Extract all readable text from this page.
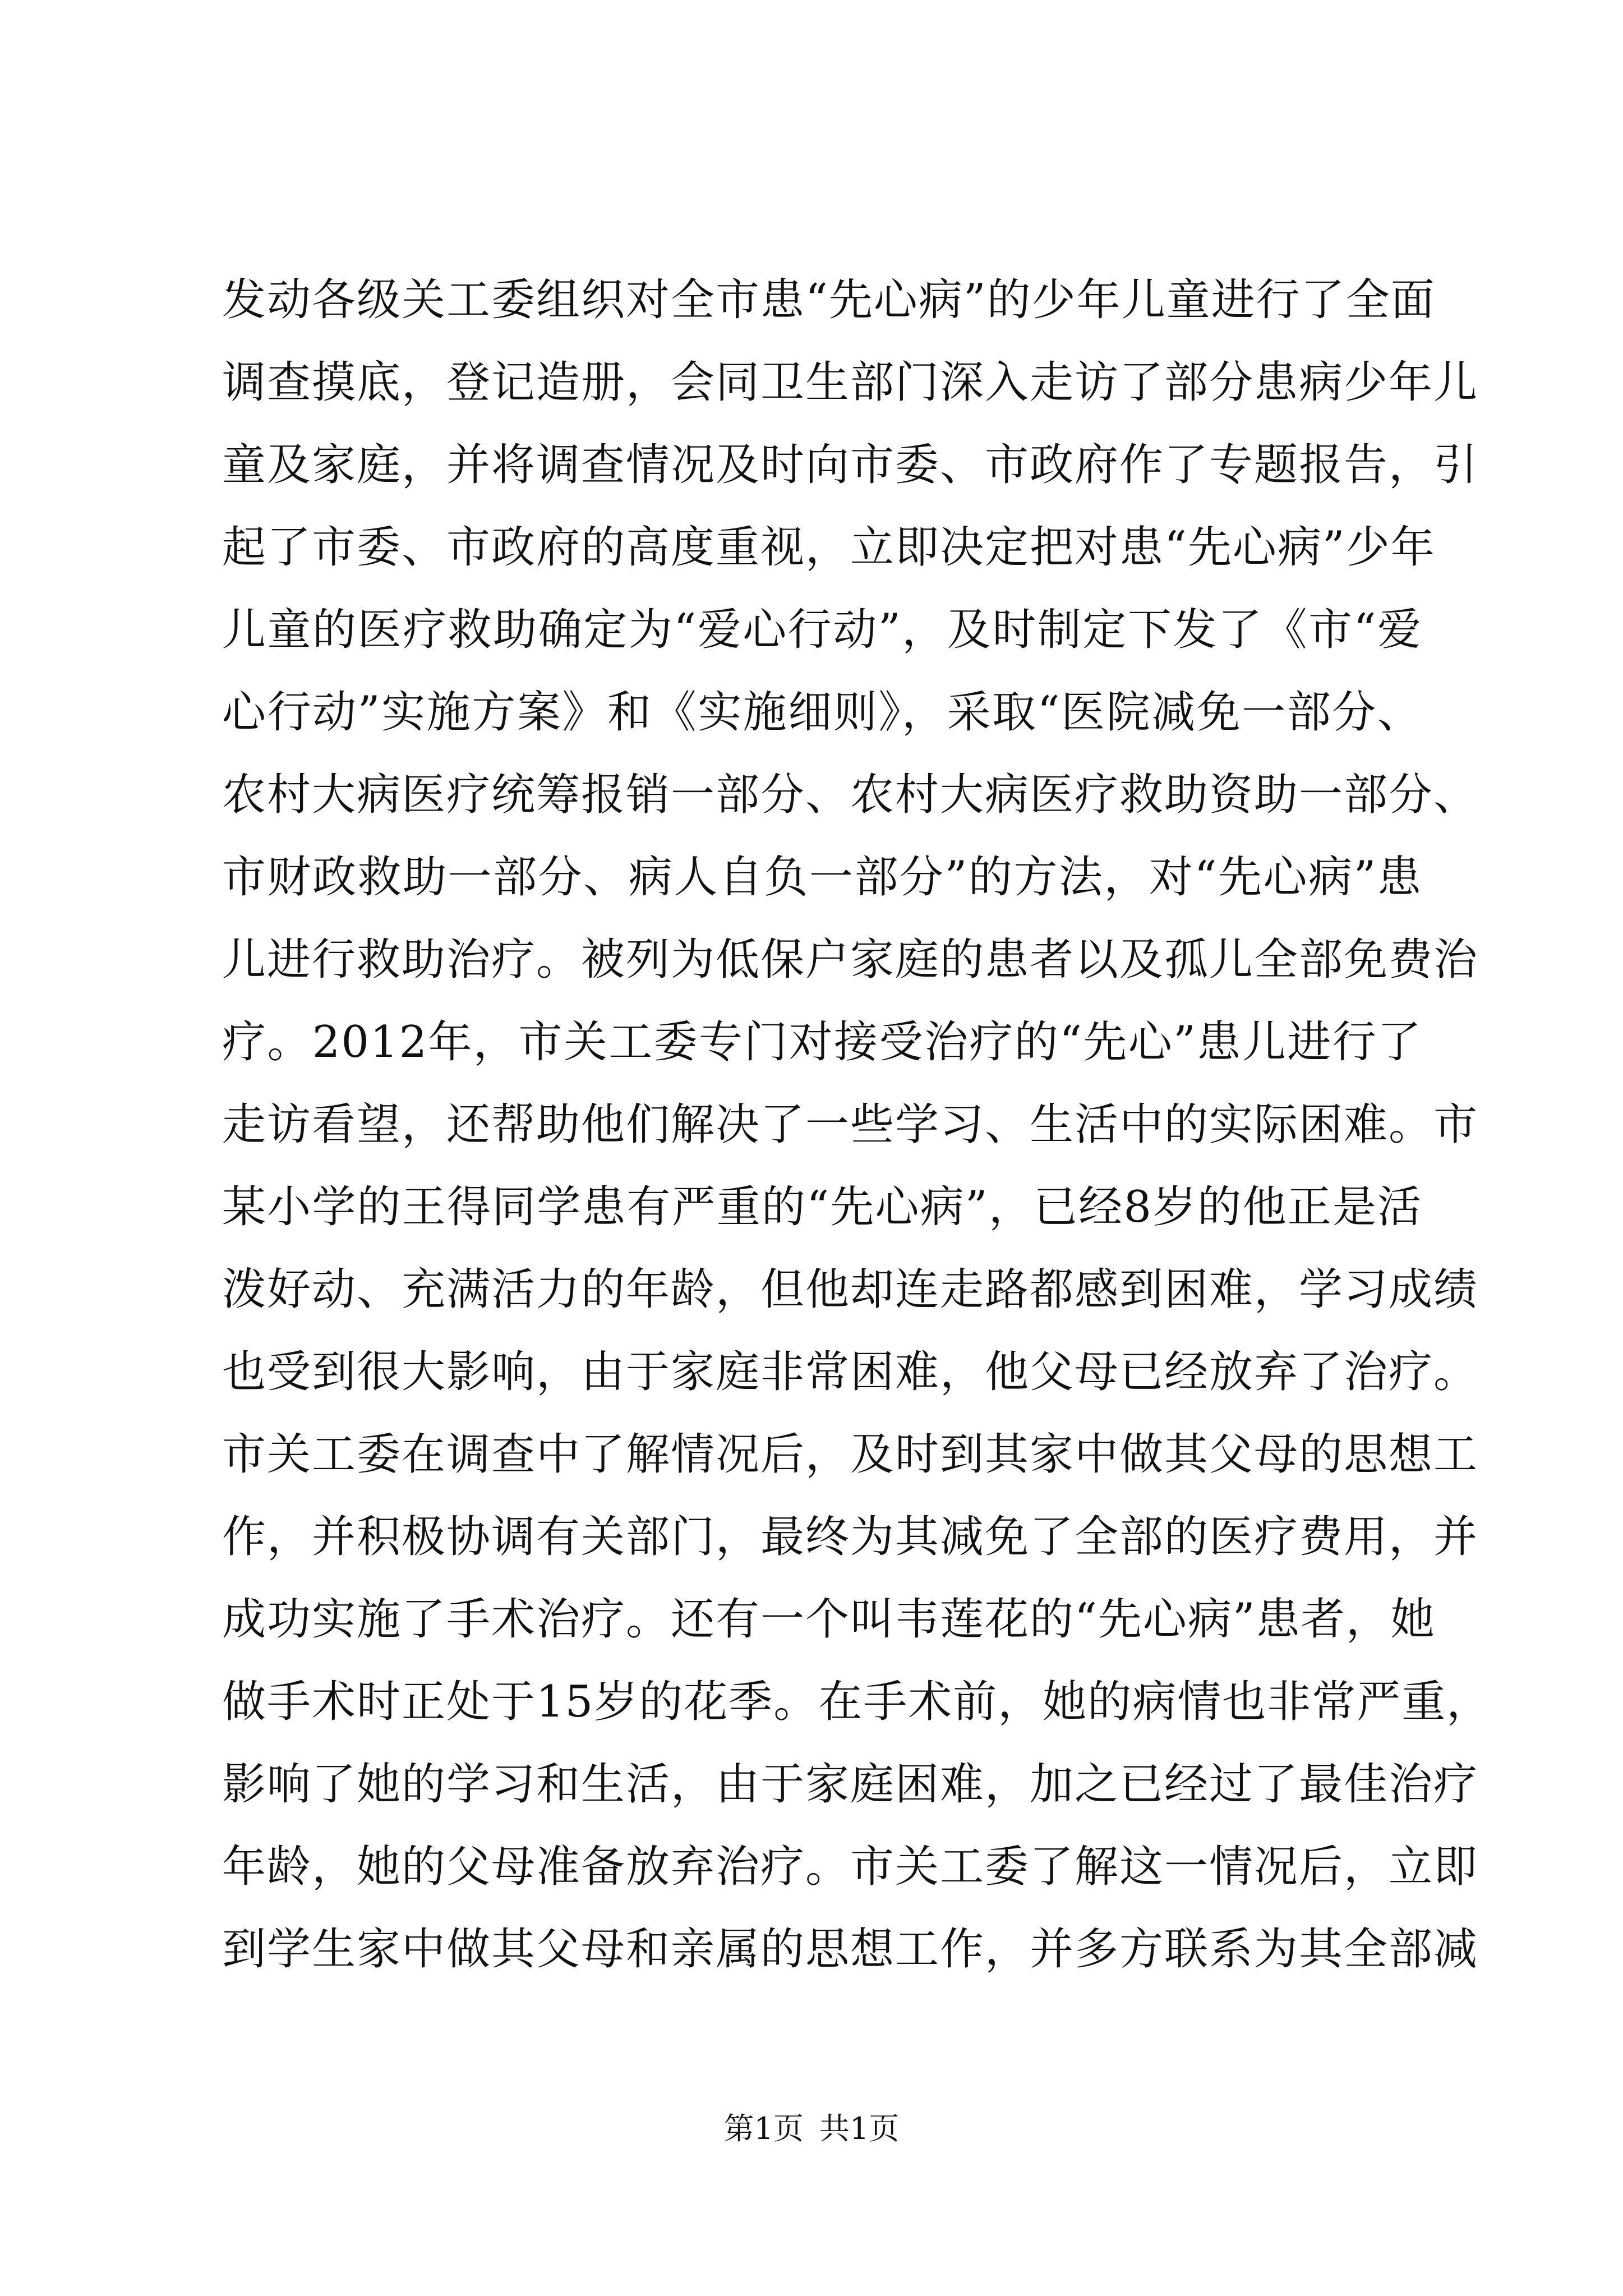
发动各级关工委组织对全市患“先心病”的少年儿童进行了全面
调查摸底，登记造册，会同卫生部门深入走访了部分患病少年儿
童及家庭，并将调查情况及时向市委、市政府作了专题报告，引
起了市委、市政府的高度重视，立即决定把对患“先心病”少年
儿童的医疗救助确定为“爱心行动”，及时制定下发了《市“爱
心行动”实施方案》和《实施细则》，采取“医院减免一部分、
农村大病医疗统筹报销一部分、农村大病医疗救助资助一部分、
市财政救助一部分、病人自负一部分”的方法，对“先心病”患
儿进行救助治疗。被列为低保户家庭的患者以及孤儿全部免费治
疗。2012年，市关工委专门对接受治疗的“先心”患儿进行了
走访看望，还帮助他们解决了一些学习、生活中的实际困难。市
某小学的王得同学患有严重的“先心病”，已经8岁的他正是活
泼好动、充满活力的年龄，但他却连走路都感到困难，学习成绩
也受到很大影响，由于家庭非常困难，他父母已经放弃了治疗。
市关工委在调查中了解情况后，及时到其家中做其父母的思想工
作，并积极协调有关部门，最终为其减免了全部的医疗费用，并
成功实施了手术治疗。还有一个叫韦莲花的“先心病”患者，她
做手术时正处于15岁的花季。在手术前，她的病情也非常严重，
影响了她的学习和生活，由于家庭困难，加之已经过了最佳治疗
年龄，她的父母准备放弃治疗。市关工委了解这一情况后，立即
到学生家中做其父母和亲属的思想工作，并多方联系为其全部减
第1页 共1页
